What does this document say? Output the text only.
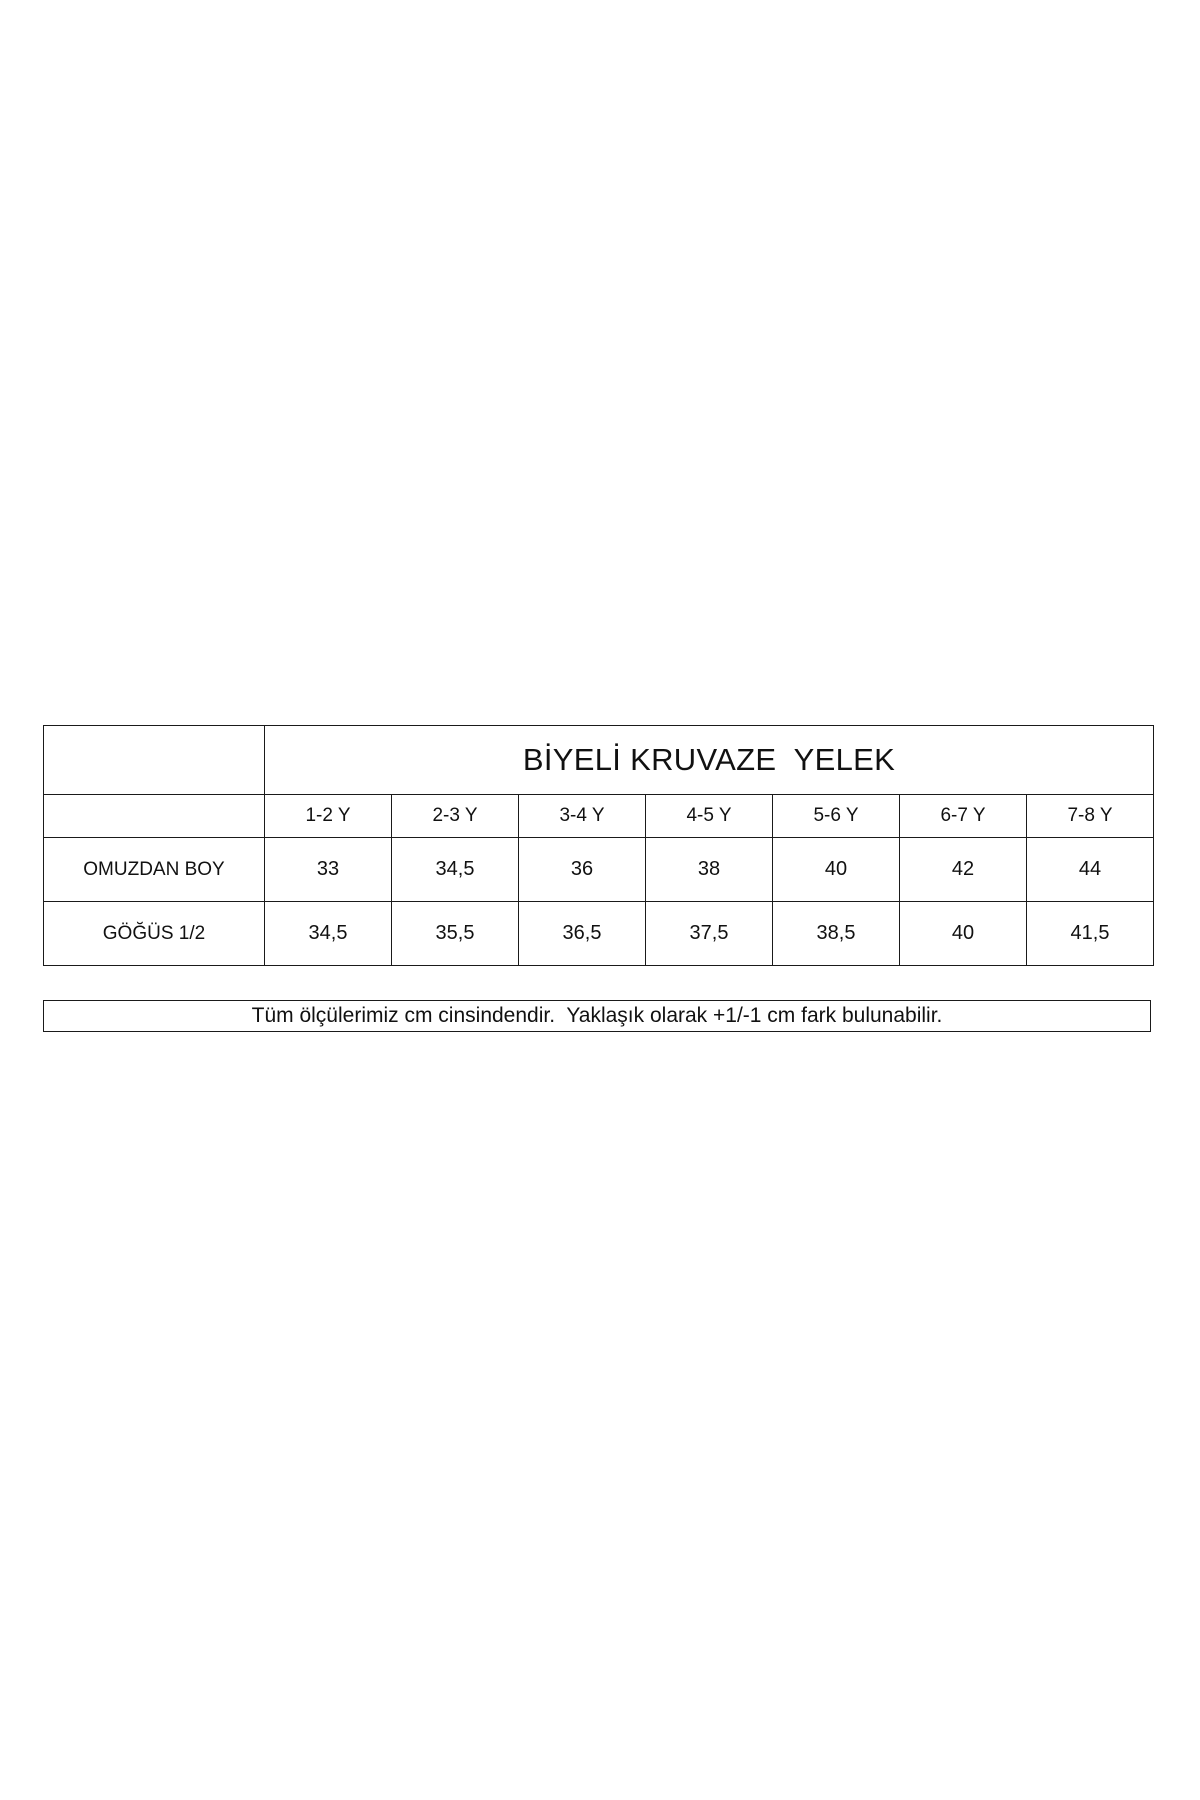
	BİYELİ KRUVAZE  YELEK						
	1-2 Y	2-3 Y	3-4 Y	4-5 Y	5-6 Y	6-7 Y	7-8 Y
OMUZDAN BOY	33	34,5	36	38	40	42	44
GÖĞÜS 1/2	34,5	35,5	36,5	37,5	38,5	40	41,5
Tüm ölçülerimiz cm cinsindendir.  Yaklaşık olarak +1/-1 cm fark bulunabilir.
